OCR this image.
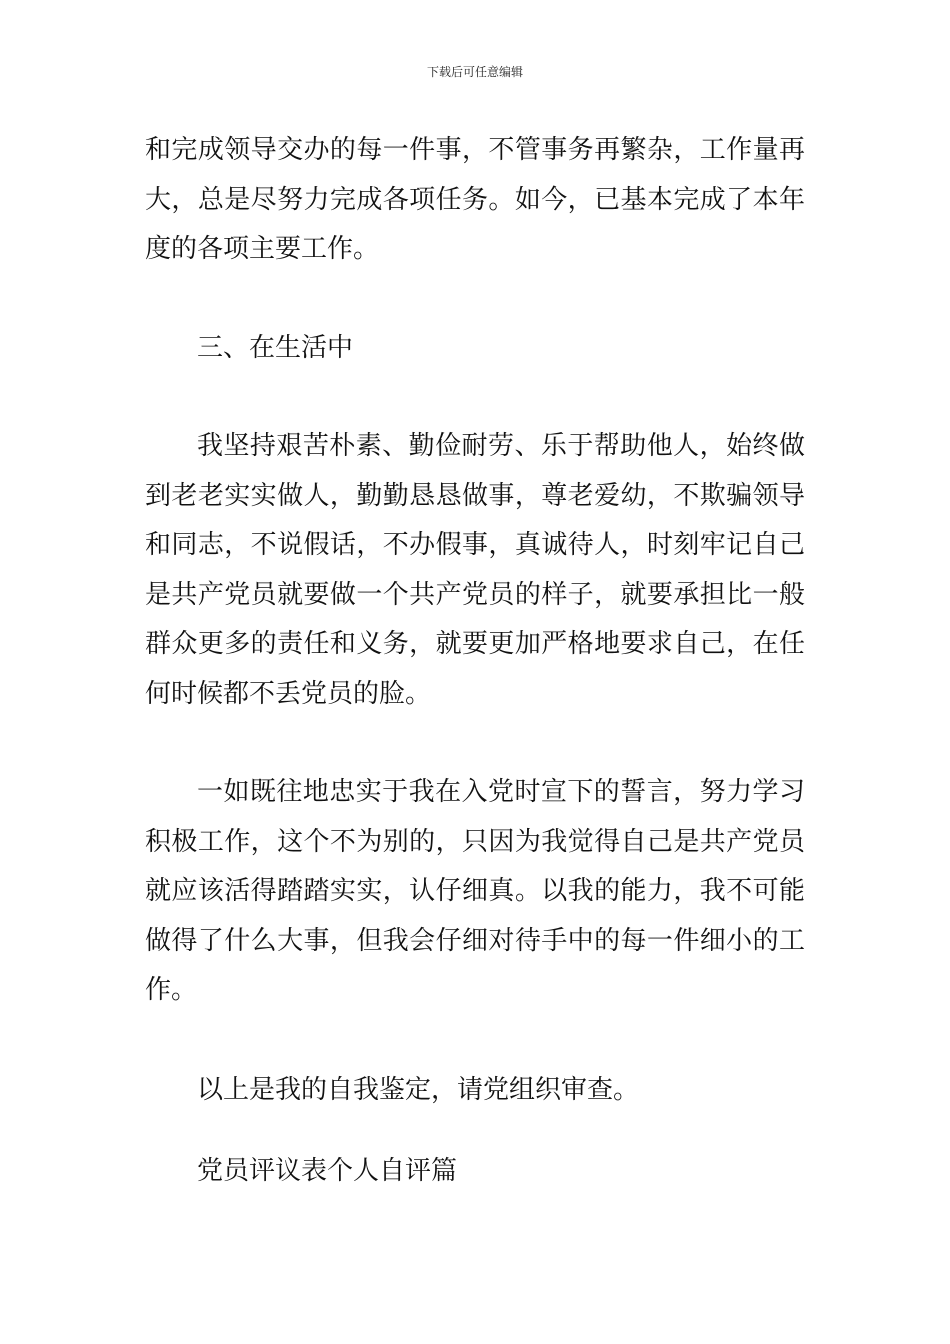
下载后可任意编辑

和完成领导交办的每一件事，不管事务再繁杂，工作量再大，总是尽努力完成各项任务。如今，已基本完成了本年度的各项主要工作。

三、在生活中

我坚持艰苦朴素、勤俭耐劳、乐于帮助他人，始终做到老老实实做人，勤勤恳恳做事，尊老爱幼，不欺骗领导和同志，不说假话，不办假事，真诚待人，时刻牢记自己是共产党员就要做一个共产党员的样子，就要承担比一般群众更多的责任和义务，就要更加严格地要求自己，在任何时候都不丢党员的脸。

一如既往地忠实于我在入党时宣下的誓言，努力学习积极工作，这个不为别的，只因为我觉得自己是共产党员就应该活得踏踏实实，认仔细真。以我的能力，我不可能做得了什么大事，但我会仔细对待手中的每一件细小的工作。

以上是我的自我鉴定，请党组织审查。

党员评议表个人自评篇
